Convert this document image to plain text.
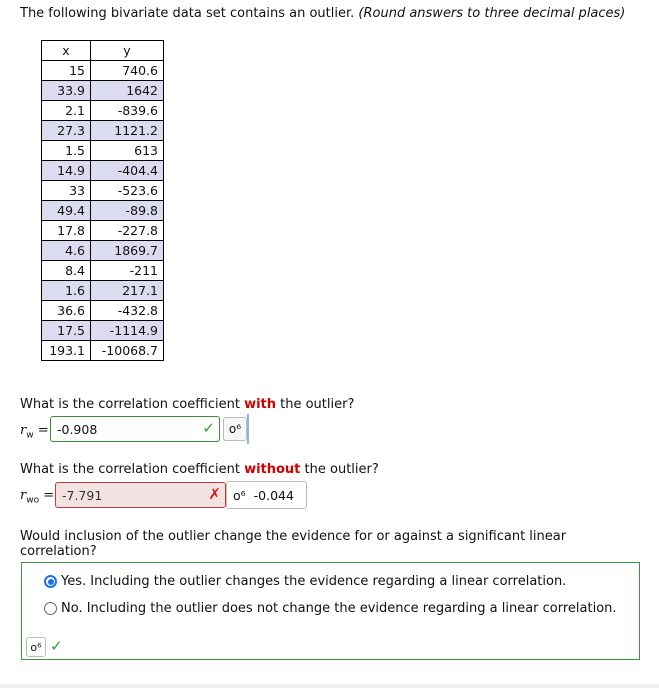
The following bivariate data set contains an outlier. (Round answers to three decimal places)
x	y
15	740.6
33.9	1642
2.1	-839.6
27.3	1121.2
1.5	613
14.9	-404.4
33	-523.6
49.4	-89.8
17.8	-227.8
4.6	1869.7
8.4	-211
1.6	217.1
36.6	-432.8
17.5	-1114.9
193.1	-10068.7
What is the correlation coefficient with the outlier?
$r_w = -0.908$	✓ o⁶
What is the correlation coefficient without the outlier?
$r_{wo} = -7.791$	✗ o⁶ -0.044
Would inclusion of the outlier change the evidence for or against a significant linear
correlation?
Yes. Including the outlier changes the evidence regarding a linear correlation.
No. Including the outlier does not change the evidence regarding a linear correlation.
o⁶ ✓
